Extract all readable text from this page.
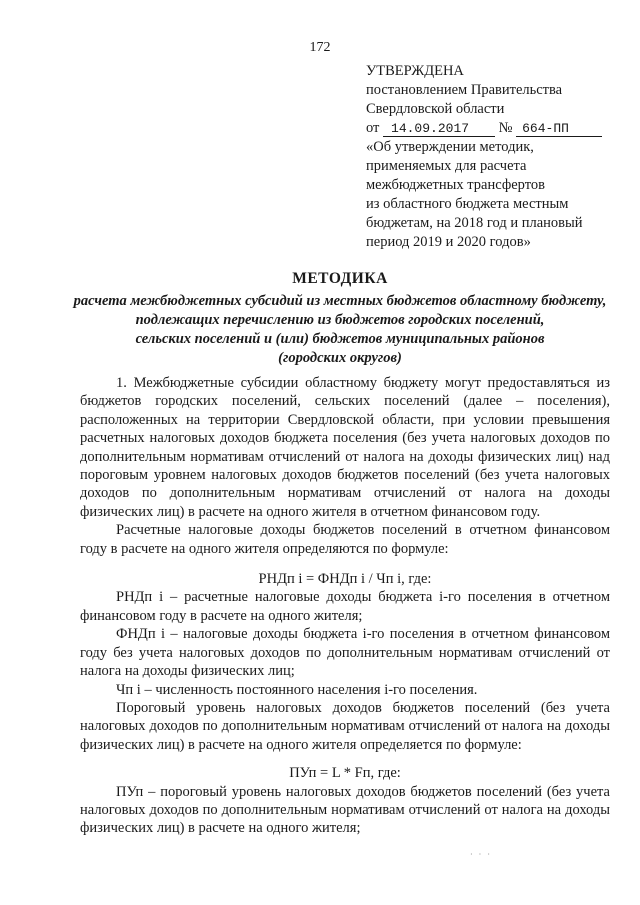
172
УТВЕРЖДЕНА
постановлением Правительства
Свердловской области
от 14.09.2017 № 664-ПП
«Об утверждении методик,
применяемых для расчета
межбюджетных трансфертов
из областного бюджета местным
бюджетам, на 2018 год и плановый
период 2019 и 2020 годов»
МЕТОДИКА
расчета межбюджетных субсидий из местных бюджетов областному бюджету,
подлежащих перечислению из бюджетов городских поселений,
сельских поселений и (или) бюджетов муниципальных районов
(городских округов)

1. Межбюджетные субсидии областному бюджету могут предоставляться из бюджетов городских поселений, сельских поселений (далее – поселения), расположенных на территории Свердловской области, при условии превышения расчетных налоговых доходов бюджета поселения (без учета налоговых доходов по дополнительным нормативам отчислений от налога на доходы физических лиц) над пороговым уровнем налоговых доходов бюджетов поселений (без учета налоговых доходов по дополнительным нормативам отчислений от налога на доходы физических лиц) в расчете на одного жителя в отчетном финансовом году.

Расчетные налоговые доходы бюджетов поселений в отчетном финансовом году в расчете на одного жителя определяются по формуле:

РНДп i = ФНДп i / Чп i, где:

РНДп i – расчетные налоговые доходы бюджета i-го поселения в отчетном финансовом году в расчете на одного жителя;

ФНДп i – налоговые доходы бюджета i-го поселения в отчетном финансовом году без учета налоговых доходов по дополнительным нормативам отчислений от налога на доходы физических лиц;

Чп i – численность постоянного населения i-го поселения.

Пороговый уровень налоговых доходов бюджетов поселений (без учета налоговых доходов по дополнительным нормативам отчислений от налога на доходы физических лиц) в расчете на одного жителя определяется по формуле:

ПУп = L * Fп, где:

ПУп – пороговый уровень налоговых доходов бюджетов поселений (без учета налоговых доходов по дополнительным нормативам отчислений от налога на доходы физических лиц) в расчете на одного жителя;

· · ·
